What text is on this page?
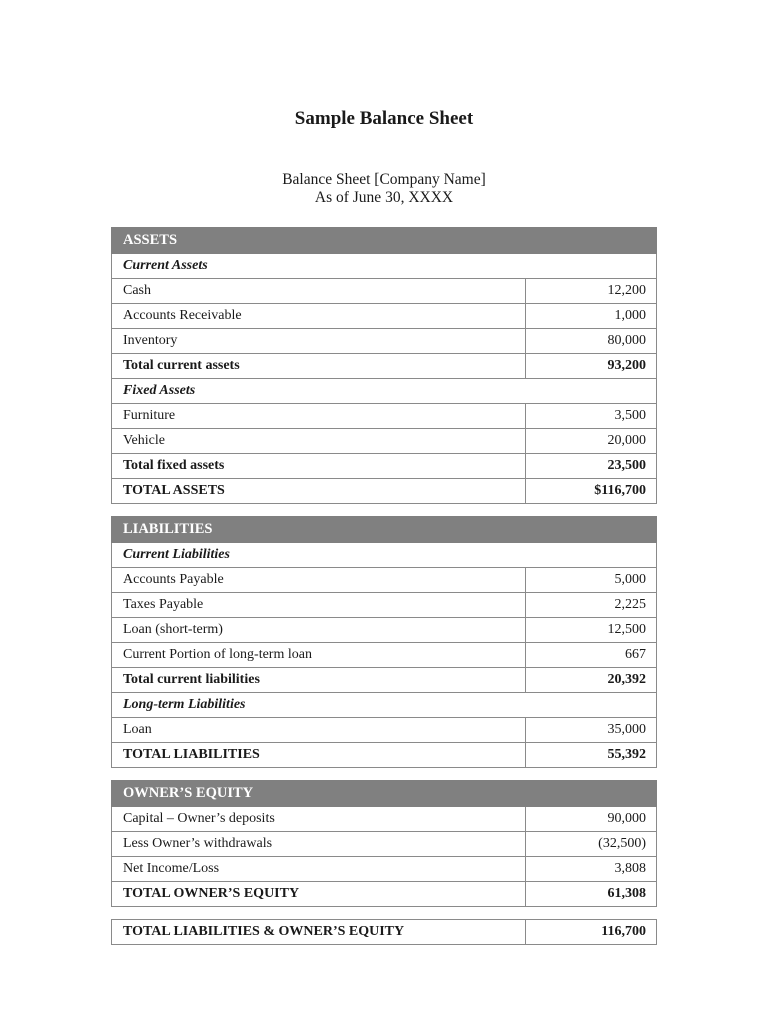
Sample Balance Sheet
Balance Sheet [Company Name]
As of June 30, XXXX
ASSETS	
Current Assets	
Cash	12,200
Accounts Receivable	1,000
Inventory	80,000
Total current assets	93,200
Fixed Assets	
Furniture	3,500
Vehicle	20,000
Total fixed assets	23,500
TOTAL ASSETS	$116,700
LIABILITIES	
Current Liabilities	
Accounts Payable	5,000
Taxes Payable	2,225
Loan (short-term)	12,500
Current Portion of long-term loan	667
Total current liabilities	20,392
Long-term Liabilities	
Loan	35,000
TOTAL LIABILITIES	55,392
OWNER’S EQUITY	
Capital – Owner’s deposits	90,000
Less Owner’s withdrawals	(32,500)
Net Income/Loss	3,808
TOTAL OWNER’S EQUITY	61,308
TOTAL LIABILITIES & OWNER’S EQUITY	116,700
